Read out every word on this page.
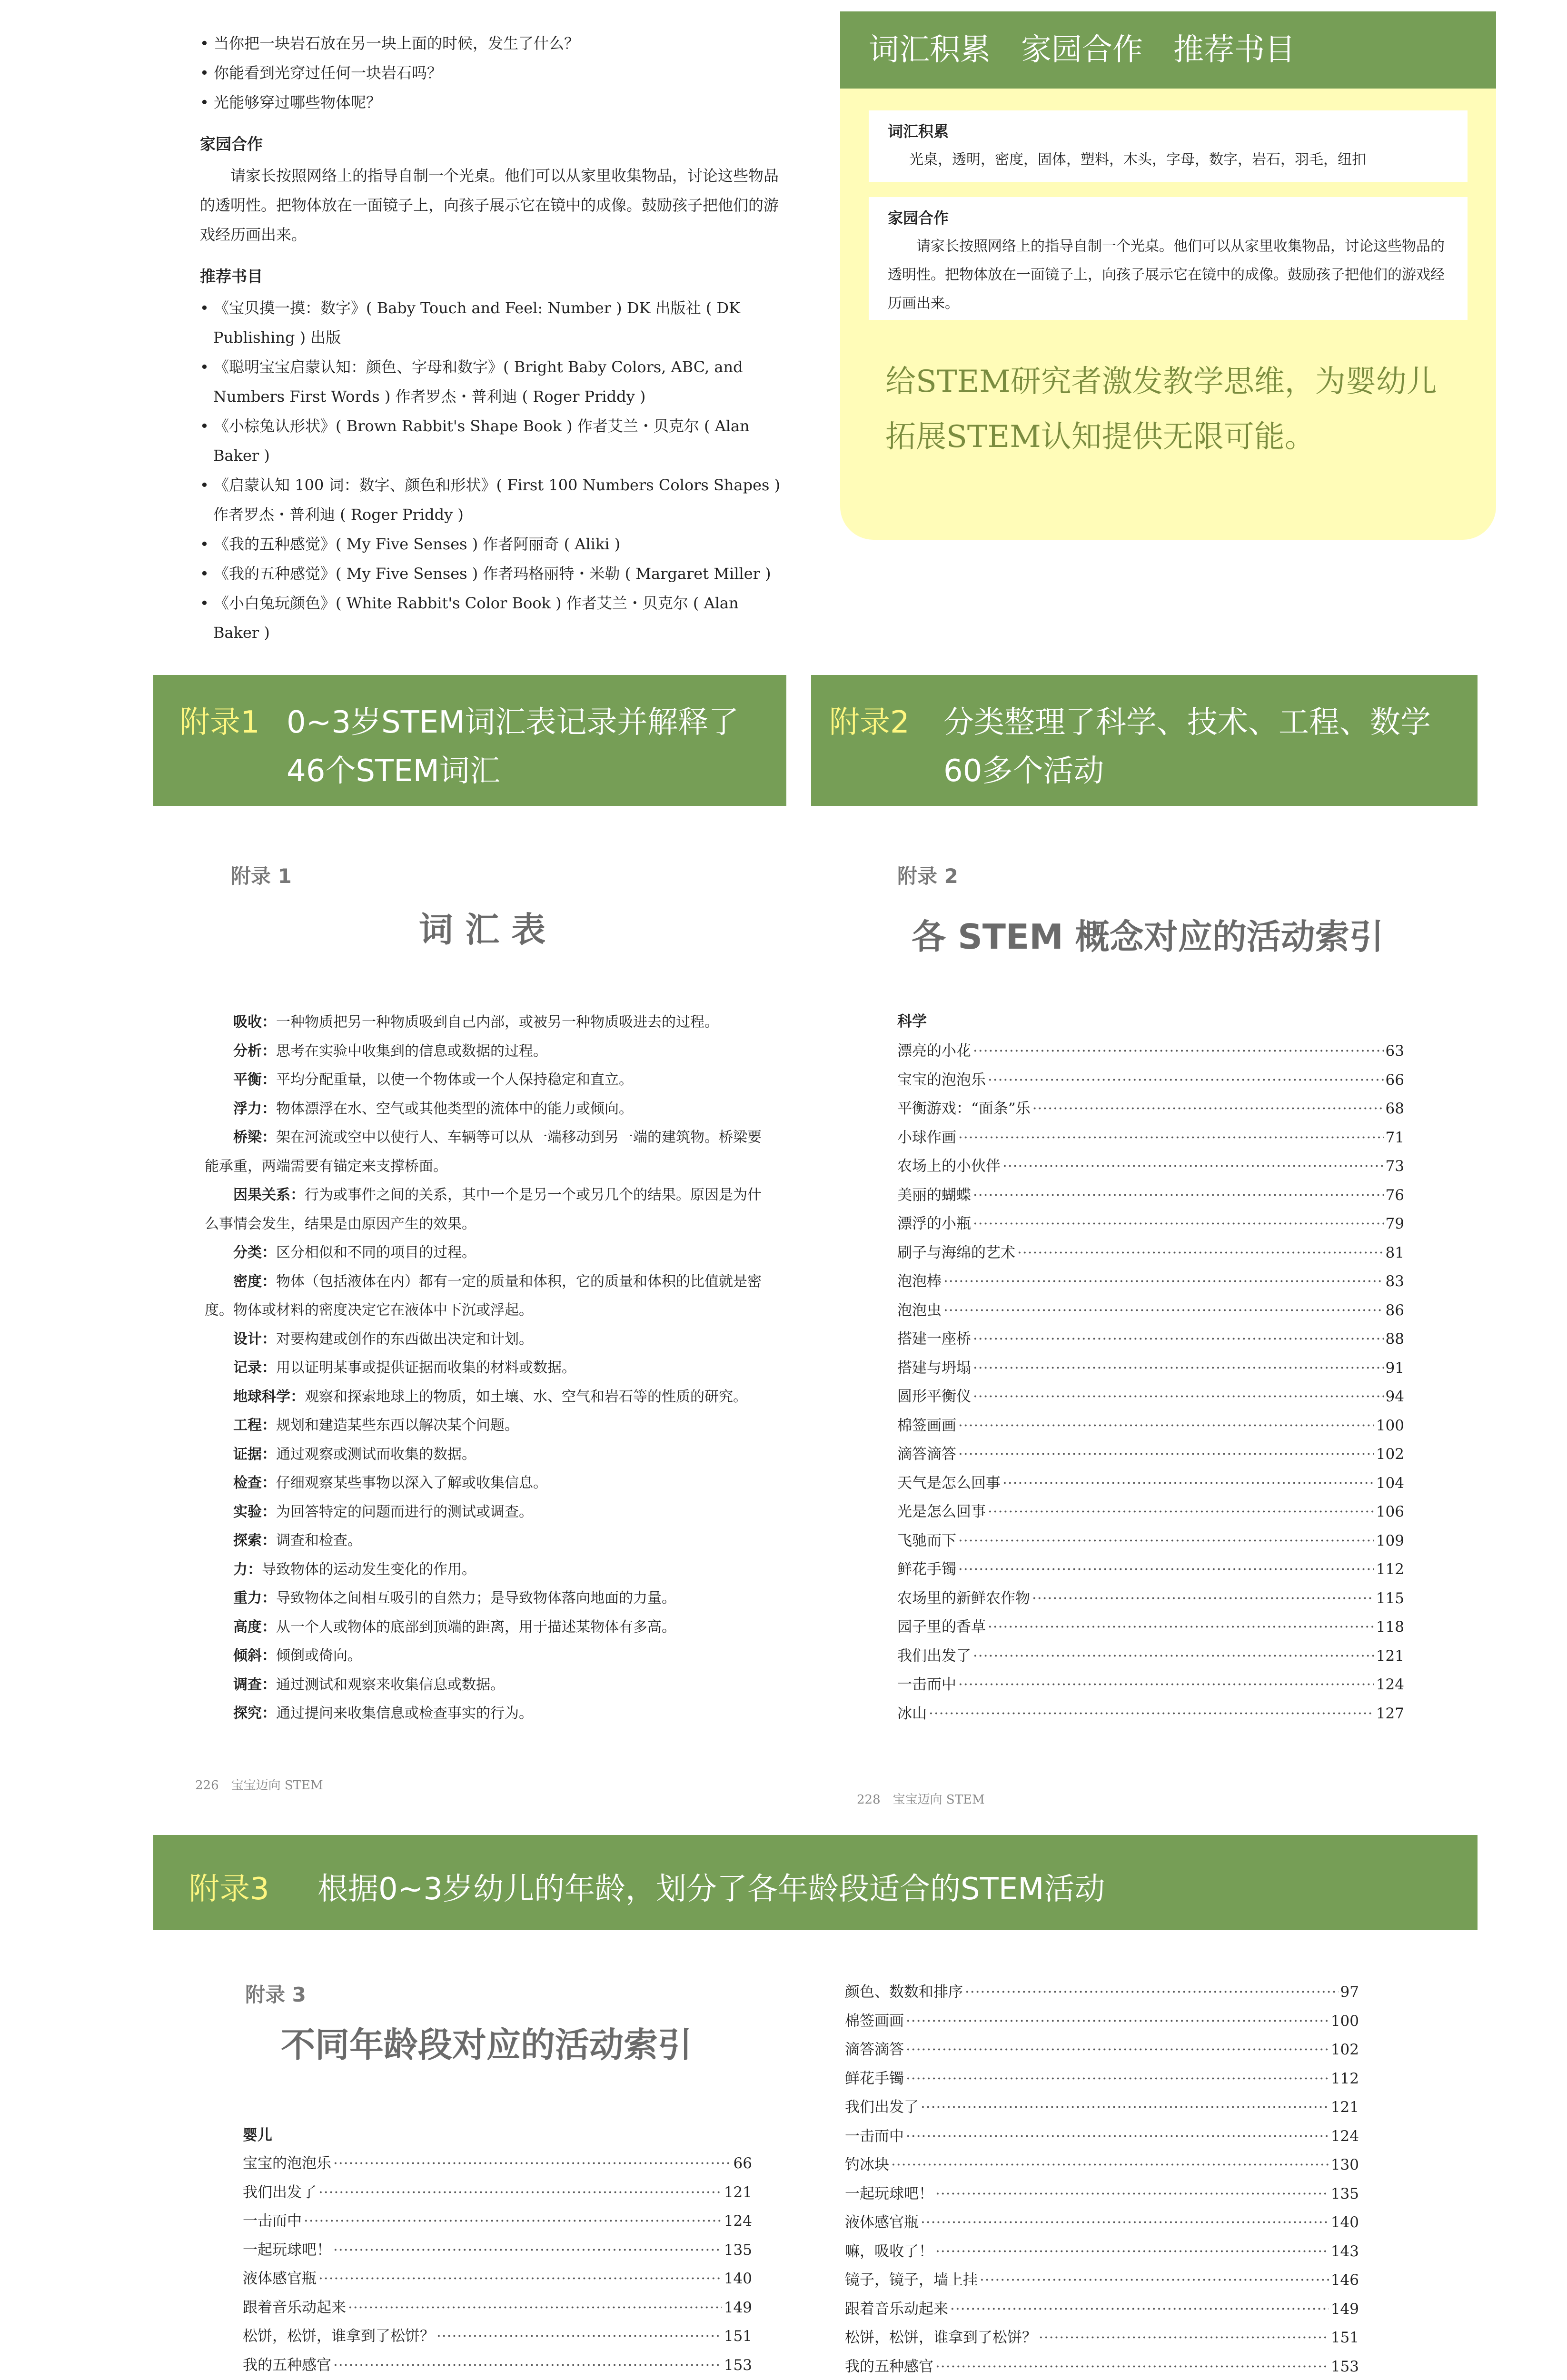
• 当你把一块岩石放在另一块上面的时候，发生了什么？
• 你能看到光穿过任何一块岩石吗？
• 光能够穿过哪些物体呢？
家园合作

请家长按照网络上的指导自制一个光桌。他们可以从家里收集物品，讨论这些物品的透明性。把物体放在一面镜子上，向孩子展示它在镜中的成像。鼓励孩子把他们的游戏经历画出来。

推荐书目
• 《宝贝摸一摸：数字》( Baby Touch and Feel: Number ) DK 出版社 ( DK Publishing ) 出版
• 《聪明宝宝启蒙认知：颜色、字母和数字》( Bright Baby Colors, ABC, and Numbers First Words ) 作者罗杰・普利迪 ( Roger Priddy )
• 《小棕兔认形状》( Brown Rabbit's Shape Book ) 作者艾兰・贝克尔 ( Alan Baker )
• 《启蒙认知 100 词：数字、颜色和形状》( First 100 Numbers Colors Shapes ) 作者罗杰・普利迪 ( Roger Priddy )
• 《我的五种感觉》( My Five Senses ) 作者阿丽奇 ( Aliki )
• 《我的五种感觉》( My Five Senses ) 作者玛格丽特・米勒 ( Margaret Miller )
• 《小白兔玩颜色》( White Rabbit's Color Book ) 作者艾兰・贝克尔 ( Alan Baker )
词汇积累　家园合作　推荐书目
词汇积累
光桌，透明，密度，固体，塑料，木头，字母，数字，岩石，羽毛，纽扣
家园合作
请家长按照网络上的指导自制一个光桌。他们可以从家里收集物品，讨论这些物品的透明性。把物体放在一面镜子上，向孩子展示它在镜中的成像。鼓励孩子把他们的游戏经历画出来。
给STEM研究者激发教学思维，为婴幼儿拓展STEM认知提供无限可能。
附录1 0~3岁STEM词汇表记录并解释了
46个STEM词汇
附录2 分类整理了科学、技术、工程、数学
60多个活动
附录3 根据0~3岁幼儿的年龄，划分了各年龄段适合的STEM活动
附录 1
词 汇 表

吸收：一种物质把另一种物质吸到自己内部，或被另一种物质吸进去的过程。

分析：思考在实验中收集到的信息或数据的过程。

平衡：平均分配重量，以使一个物体或一个人保持稳定和直立。

浮力：物体漂浮在水、空气或其他类型的流体中的能力或倾向。

桥梁：架在河流或空中以使行人、车辆等可以从一端移动到另一端的建筑物。桥梁要能承重，两端需要有锚定来支撑桥面。

因果关系：行为或事件之间的关系，其中一个是另一个或另几个的结果。原因是为什么事情会发生，结果是由原因产生的效果。

分类：区分相似和不同的项目的过程。

密度：物体（包括液体在内）都有一定的质量和体积，它的质量和体积的比值就是密度。物体或材料的密度决定它在液体中下沉或浮起。

设计：对要构建或创作的东西做出决定和计划。

记录：用以证明某事或提供证据而收集的材料或数据。

地球科学：观察和探索地球上的物质，如土壤、水、空气和岩石等的性质的研究。

工程：规划和建造某些东西以解决某个问题。

证据：通过观察或测试而收集的数据。

检查：仔细观察某些事物以深入了解或收集信息。

实验：为回答特定的问题而进行的测试或调查。

探索：调查和检查。

力：导致物体的运动发生变化的作用。

重力：导致物体之间相互吸引的自然力；是导致物体落向地面的力量。

高度：从一个人或物体的底部到顶端的距离，用于描述某物体有多高。

倾斜：倾倒或倚向。

调查：通过测试和观察来收集信息或数据。

探究：通过提问来收集信息或检查事实的行为。

226　宝宝迈向 STEM
附录 2
各 STEM 概念对应的活动索引
科学
漂亮的小花 ·····	63
宝宝的泡泡乐 ·····	66
平衡游戏：“面条”乐 ·····	68
小球作画 ·····	71
农场上的小伙伴 ·····	73
美丽的蝴蝶 ·····	76
漂浮的小瓶 ·····	79
刷子与海绵的艺术 ·····	81
泡泡棒 ·····	83
泡泡虫 ·····	86
搭建一座桥 ·····	88
搭建与坍塌 ·····	91
圆形平衡仪 ·····	94
棉签画画 ·····	100
滴答滴答 ·····	102
天气是怎么回事 ·····	104
光是怎么回事 ·····	106
飞驰而下 ·····	109
鲜花手镯 ·····	112
农场里的新鲜农作物 ·····	115
园子里的香草 ·····	118
我们出发了 ·····	121
一击而中 ·····	124
冰山 ·····	127
228　宝宝迈向 STEM
附录 3
不同年龄段对应的活动索引
婴儿
宝宝的泡泡乐 ·····	66
我们出发了 ·····	121
一击而中 ·····	124
一起玩球吧！ ·····	135
液体感官瓶 ·····	140
跟着音乐动起来 ·····	149
松饼，松饼，谁拿到了松饼？ ·····	151
我的五种感官 ·····	153
·····
颜色、数数和排序 ·····	97
棉签画画 ·····	100
滴答滴答 ·····	102
鲜花手镯 ·····	112
我们出发了 ·····	121
一击而中 ·····	124
钓冰块 ·····	130
一起玩球吧！ ·····	135
液体感官瓶 ·····	140
嘛，吸收了！ ·····	143
镜子，镜子，墙上挂 ·····	146
跟着音乐动起来 ·····	149
松饼，松饼，谁拿到了松饼？ ·····	151
我的五种感官 ·····	153
